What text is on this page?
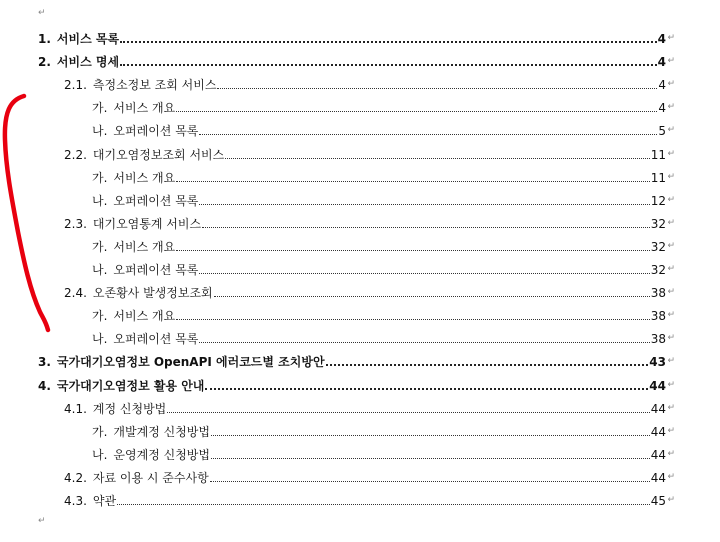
↵
1. 서비스 목록	4 ↵
2. 서비스 명세	4 ↵
2.1. 측정소정보 조회 서비스	4 ↵
가. 서비스 개요	4 ↵
나. 오퍼레이션 목록	5 ↵
2.2. 대기오염정보조회 서비스	11 ↵
가. 서비스 개요	11 ↵
나. 오퍼레이션 목록	12 ↵
2.3. 대기오염통계 서비스	32 ↵
가. 서비스 개요	32 ↵
나. 오퍼레이션 목록	32 ↵
2.4. 오존황사 발생정보조회	38 ↵
가. 서비스 개요	38 ↵
나. 오퍼레이션 목록	38 ↵
3. 국가대기오염정보 OpenAPI 에러코드별 조치방안	43 ↵
4. 국가대기오염정보 활용 안내	44 ↵
4.1. 계정 신청방법	44 ↵
가. 개발계정 신청방법	44 ↵
나. 운영계정 신청방법	44 ↵
4.2. 자료 이용 시 준수사항	44 ↵
4.3. 약관	45 ↵
↵
